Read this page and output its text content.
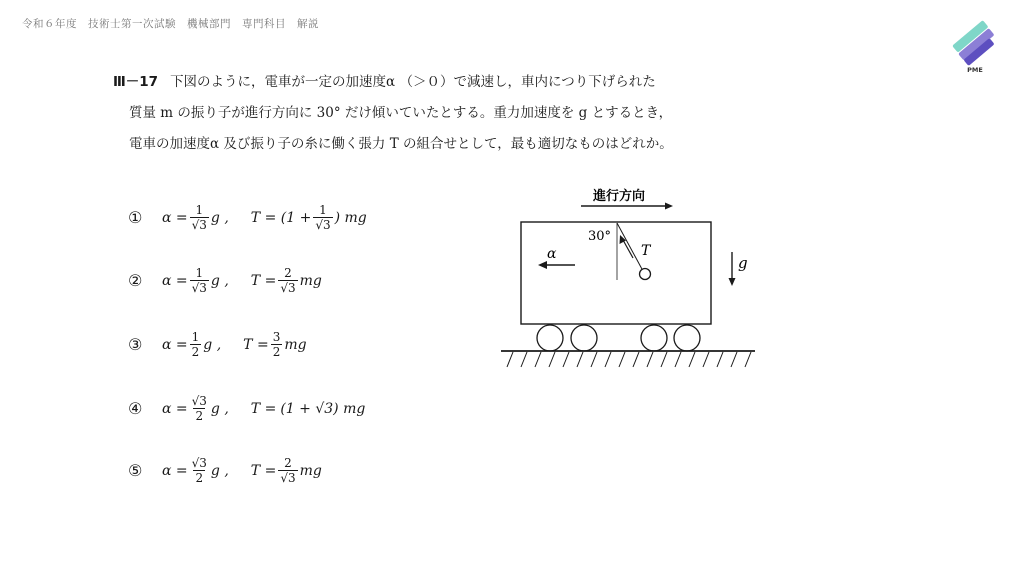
令和６年度　技術士第一次試験　機械部門　専門科目　解説
PME
Ⅲ－17 下図のように，電車が一定の加速度α （＞０）で減速し，車内につり下げられた
質量 m の振り子が進行方向に 30° だけ傾いていたとする。重力加速度を g とするとき，
電車の加速度α 及び振り子の糸に働く張力 T の組合せとして，最も適切なものはどれか。
①	$\alpha = \frac{1}{√3}$ g , $T = (1 + \frac{1}{√3}$ ) mg
②	$\alpha = \frac{1}{√3}$ g , $T = \frac{2}{√3}$ mg
③	$\alpha = \frac{1}{2}$ g , $T = \frac{3}{2}$ mg
④	$\alpha = \frac{√3}{2}$ g , T = (1 + √3) mg
⑤	$\alpha = \frac{√3}{2}$ g , $T = \frac{2}{√3}$ mg
進行方向
30°
T
α	g
